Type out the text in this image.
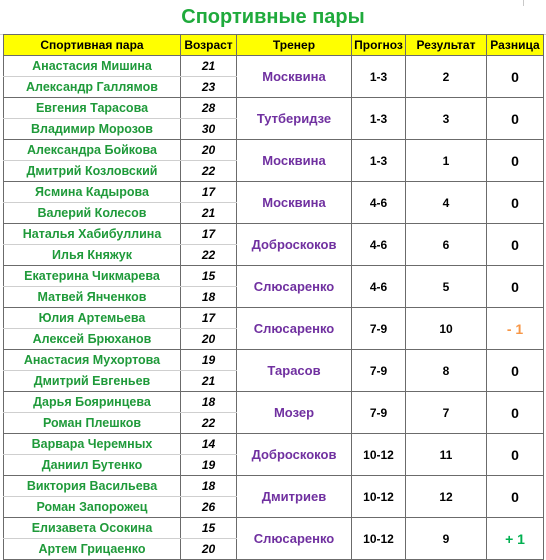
Спортивные пары
Спортивная пара	Возраст	Тренер	Прогноз	Результат	Разница
Анастасия Мишина	21	Москвина	1-3	2	0
Александр Галлямов	23				
Евгения Тарасова	28	Тутберидзе	1-3	3	0
Владимир Морозов	30				
Александра Бойкова	20	Москвина	1-3	1	0
Дмитрий Козловский	22				
Ясмина Кадырова	17	Москвина	4-6	4	0
Валерий Колесов	21				
Наталья Хабибуллина	17	Доброскоков	4-6	6	0
Илья Княжук	22				
Екатерина Чикмарева	15	Слюсаренко	4-6	5	0
Матвей Янченков	18				
Юлия Артемьева	17	Слюсаренко	7-9	10	- 1
Алексей Брюханов	20				
Анастасия Мухортова	19	Тарасов	7-9	8	0
Дмитрий Евгеньев	21				
Дарья Бояринцева	18	Мозер	7-9	7	0
Роман Плешков	22				
Варвара Черемных	14	Доброскоков	10-12	11	0
Даниил Бутенко	19				
Виктория Васильева	18	Дмитриев	10-12	12	0
Роман Запорожец	26				
Елизавета Осокина	15	Слюсаренко	10-12	9	+ 1
Артем Грицаенко	20				
